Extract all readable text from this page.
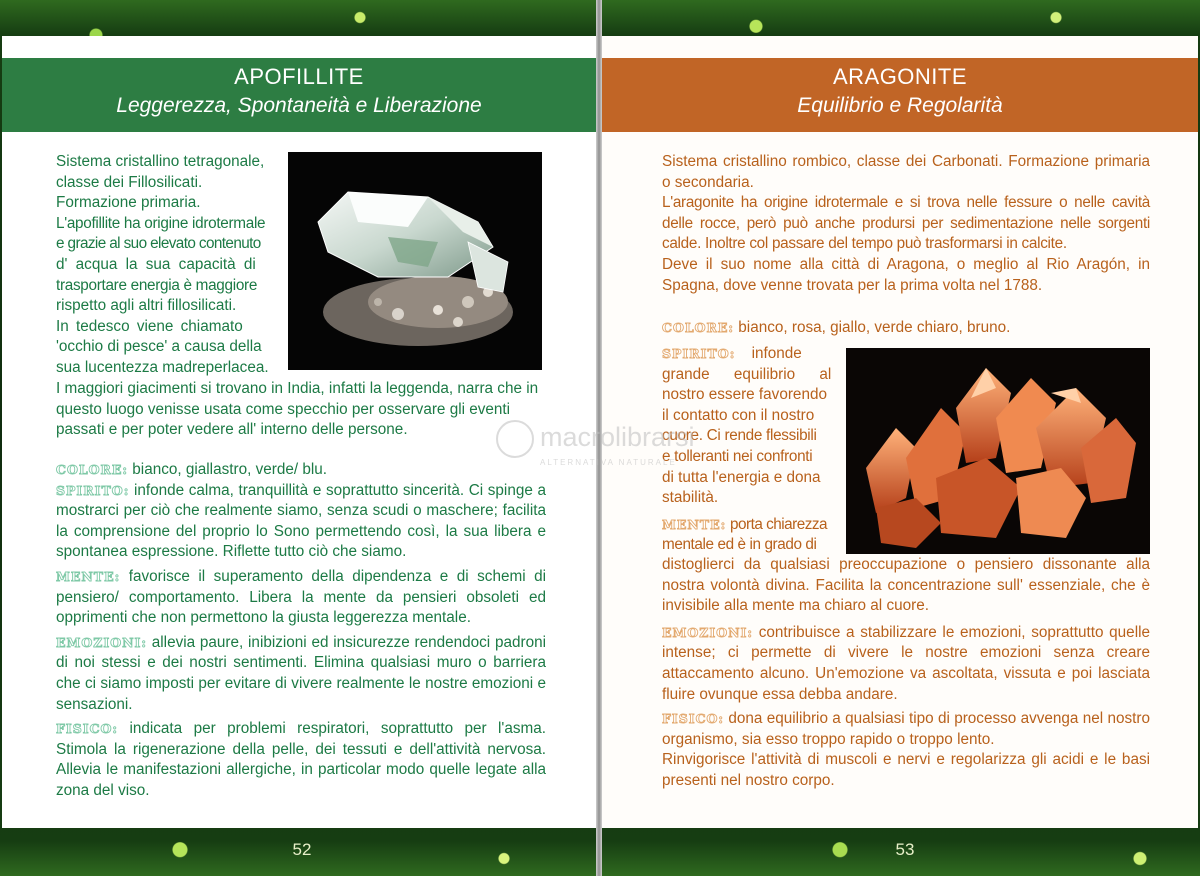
APOFILLITE
Leggerezza, Spontaneità e Liberazione

Sistema cristallino tetragonale,

classe dei Fillosilicati.

Formazione primaria.

L'apofillite ha origine idrotermale

e grazie al suo elevato contenuto

d' acqua la sua capacità di

trasportare energia è maggiore

rispetto agli altri fillosilicati.

In tedesco viene chiamato

'occhio di pesce' a causa della

sua lucentezza madreperlacea.

I maggiori giacimenti si trovano in India, infatti la leggenda, narra che in questo luogo venisse usata come specchio per osservare gli eventi passati e per poter vedere all' interno delle persone.

COLORE: bianco, giallastro, verde/ blu.

SPIRITO: infonde calma, tranquillità e soprattutto sincerità. Ci spinge a mostrarci per ciò che realmente siamo, senza scudi o maschere; facilita la comprensione del proprio lo Sono permettendo così, la sua libera e spontanea espressione. Riflette tutto ciò che siamo.

MENTE: favorisce il superamento della dipendenza e di schemi di pensiero/ comportamento. Libera la mente da pensieri obsoleti ed opprimenti che non permettono la giusta leggerezza mentale.

EMOZIONI: allevia paure, inibizioni ed insicurezze rendendoci padroni di noi stessi e dei nostri sentimenti. Elimina qualsiasi muro o barriera che ci siamo imposti per evitare di vivere realmente le nostre emozioni e sensazioni.

FISICO: indicata per problemi respiratori, soprattutto per l'asma. Stimola la rigenerazione della pelle, dei tessuti e dell'attività nervosa. Allevia le manifestazioni allergiche, in particolar modo quelle legate alla zona del viso.

ARAGONITE
Equilibrio e Regolarità

Sistema cristallino rombico, classe dei Carbonati. Formazione primaria o secondaria.

L'aragonite ha origine idrotermale e si trova nelle fessure o nelle cavità delle rocce, però può anche prodursi per sedimentazione nelle sorgenti calde. Inoltre col passare del tempo può trasformarsi in calcite.

Deve il suo nome alla città di Aragona, o meglio al Rio Aragón, in Spagna, dove venne trovata per la prima volta nel 1788.

COLORE: bianco, rosa, giallo, verde chiaro, bruno.

SPIRITO: infonde

grande equilibrio al

nostro essere favorendo

il contatto con il nostro

cuore. Ci rende flessibili

e tolleranti nei confronti

di tutta l'energia e dona

stabilità.

MENTE: porta chiarezza

mentale ed è in grado di

distoglierci da qualsiasi preoccupazione o pensiero dissonante alla nostra volontà divina. Facilita la concentrazione sull' essenziale, che è invisibile alla mente ma chiaro al cuore.

EMOZIONI: contribuisce a stabilizzare le emozioni, soprattutto quelle intense; ci permette di vivere le nostre emozioni senza creare attaccamento alcuno. Un'emozione va ascoltata, vissuta e poi lasciata fluire ovunque essa debba andare.

FISICO: dona equilibrio a qualsiasi tipo di processo avvenga nel nostro organismo, sia esso troppo rapido o troppo lento.

Rinvigorisce l'attività di muscoli e nervi e regolarizza gli acidi e le basi presenti nel nostro corpo.

52	53
macrolibrarsi
ALTERNATIVA NATURALE
